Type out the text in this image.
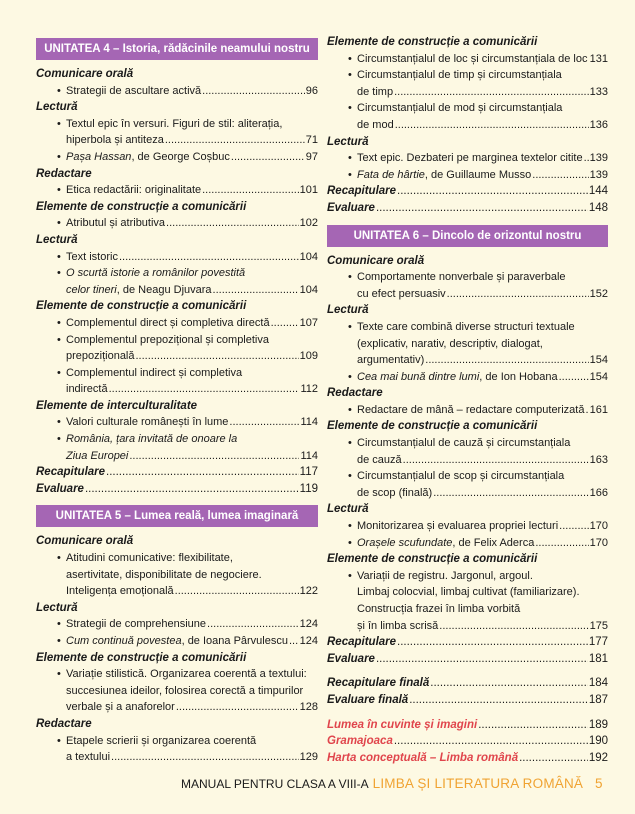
UNITATEA 4 – Istoria, rădăcinile neamului nostru
Comunicare orală
• Strategii de ascultare activă .....	96
Lectură
• Textul epic în versuri. Figuri de stil: aliterația,
hiperbola și antiteza .....	71
• Pașa Hassan, de George Coșbuc .....	97
Redactare
• Etica redactării: originalitate .....	101
Elemente de construcție a comunicării
• Atributul și atributiva .....	102
Lectură
• Text istoric .....	104
• O scurtă istorie a românilor povestită
celor tineri, de Neagu Djuvara .....	104
Elemente de construcție a comunicării
• Complementul direct și completiva directă .....	107
• Complementul prepozițional și completiva
prepozițională .....	109
• Complementul indirect și completiva
indirectă .....	112
Elemente de interculturalitate
• Valori culturale românești în lume .....	114
• România, țara invitată de onoare la
Ziua Europei .....	114
Recapitulare .....	117
Evaluare .....	119
UNITATEA 5 – Lumea reală, lumea imaginară
Comunicare orală
• Atitudini comunicative: flexibilitate,
asertivitate, disponibilitate de negociere.
Inteligența emoțională .....	122
Lectură
• Strategii de comprehensiune .....	124
• Cum continuă povestea, de Ioana Pârvulescu ..... 124
Elemente de construcție a comunicării
• Variație stilistică. Organizarea coerentă a textului:
succesiunea ideilor, folosirea corectă a timpurilor
verbale și a anaforelor .....	128
Redactare
• Etapele scrierii și organizarea coerentă
a textului .....	129
Elemente de construcție a comunicării
• Circumstanțialul de loc și circumstanțiala de loc ..... 131
• Circumstanțialul de timp și circumstanțiala
de timp .....	133
• Circumstanțialul de mod și circumstanțiala
de mod .....	136
Lectură
• Text epic. Dezbateri pe marginea textelor citite ..... 139
• Fata de hârtie, de Guillaume Musso .....	139
Recapitulare .....	144
Evaluare .....	148
UNITATEA 6 – Dincolo de orizontul nostru
Comunicare orală
• Comportamente nonverbale și paraverbale
cu efect persuasiv .....	152
Lectură
• Texte care combină diverse structuri textuale
(explicativ, narativ, descriptiv, dialogat,
argumentativ) .....	154
• Cea mai bună dintre lumi, de Ion Hobana .....	154
Redactare
• Redactare de mână – redactare computerizată ..... 161
Elemente de construcție a comunicării
• Circumstanțialul de cauză și circumstanțiala
de cauză .....	163
• Circumstanțialul de scop și circumstanțiala
de scop (finală) .....	166
Lectură
• Monitorizarea și evaluarea propriei lecturi .....	170
• Orașele scufundate, de Felix Aderca .....	170
Elemente de construcție a comunicării
• Variații de registru. Jargonul, argoul.
Limbaj colocvial, limbaj cultivat (familiarizare).
Construcția frazei în limba vorbită
și în limba scrisă .....	175
Recapitulare .....	177
Evaluare .....	181
Recapitulare finală .....	184
Evaluare finală .....	187
Lumea în cuvinte și imagini .....	189
Gramajoaca .....	190
Harta conceptuală – Limba română .....	192
MANUAL PENTRU CLASA A VIII-A LIMBA ȘI LITERATURA ROMÂNĂ 5
